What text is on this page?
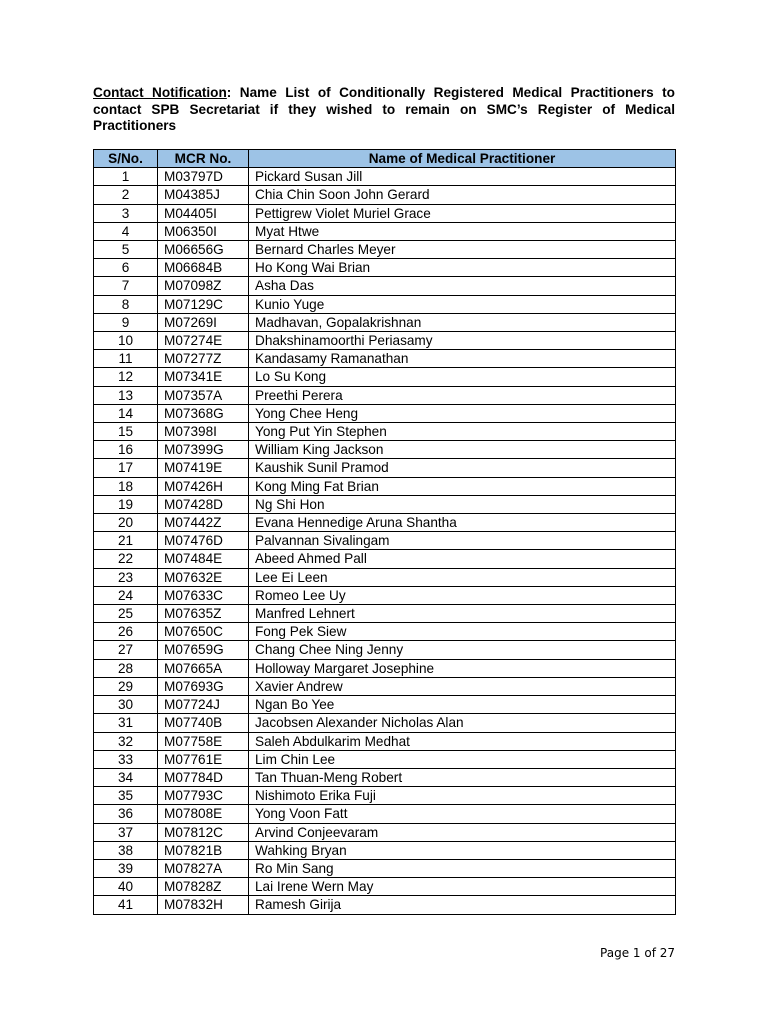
Contact Notification: Name List of Conditionally Registered Medical Practitioners to contact SPB Secretariat if they wished to remain on SMC’s Register of Medical Practitioners
S/No.	MCR No.	Name of Medical Practitioner
1	M03797D	Pickard Susan Jill
2	M04385J	Chia Chin Soon John Gerard
3	M04405I	Pettigrew Violet Muriel Grace
4	M06350I	Myat Htwe
5	M06656G	Bernard Charles Meyer
6	M06684B	Ho Kong Wai Brian
7	M07098Z	Asha Das
8	M07129C	Kunio Yuge
9	M07269I	Madhavan, Gopalakrishnan
10	M07274E	Dhakshinamoorthi Periasamy
11	M07277Z	Kandasamy Ramanathan
12	M07341E	Lo Su Kong
13	M07357A	Preethi Perera
14	M07368G	Yong Chee Heng
15	M07398I	Yong Put Yin Stephen
16	M07399G	William King Jackson
17	M07419E	Kaushik Sunil Pramod
18	M07426H	Kong Ming Fat Brian
19	M07428D	Ng Shi Hon
20	M07442Z	Evana Hennedige Aruna Shantha
21	M07476D	Palvannan Sivalingam
22	M07484E	Abeed Ahmed Pall
23	M07632E	Lee Ei Leen
24	M07633C	Romeo Lee Uy
25	M07635Z	Manfred Lehnert
26	M07650C	Fong Pek Siew
27	M07659G	Chang Chee Ning Jenny
28	M07665A	Holloway Margaret Josephine
29	M07693G	Xavier Andrew
30	M07724J	Ngan Bo Yee
31	M07740B	Jacobsen Alexander Nicholas Alan
32	M07758E	Saleh Abdulkarim Medhat
33	M07761E	Lim Chin Lee
34	M07784D	Tan Thuan-Meng Robert
35	M07793C	Nishimoto Erika Fuji
36	M07808E	Yong Voon Fatt
37	M07812C	Arvind Conjeevaram
38	M07821B	Wahking Bryan
39	M07827A	Ro Min Sang
40	M07828Z	Lai Irene Wern May
41	M07832H	Ramesh Girija
Page 1 of 27
